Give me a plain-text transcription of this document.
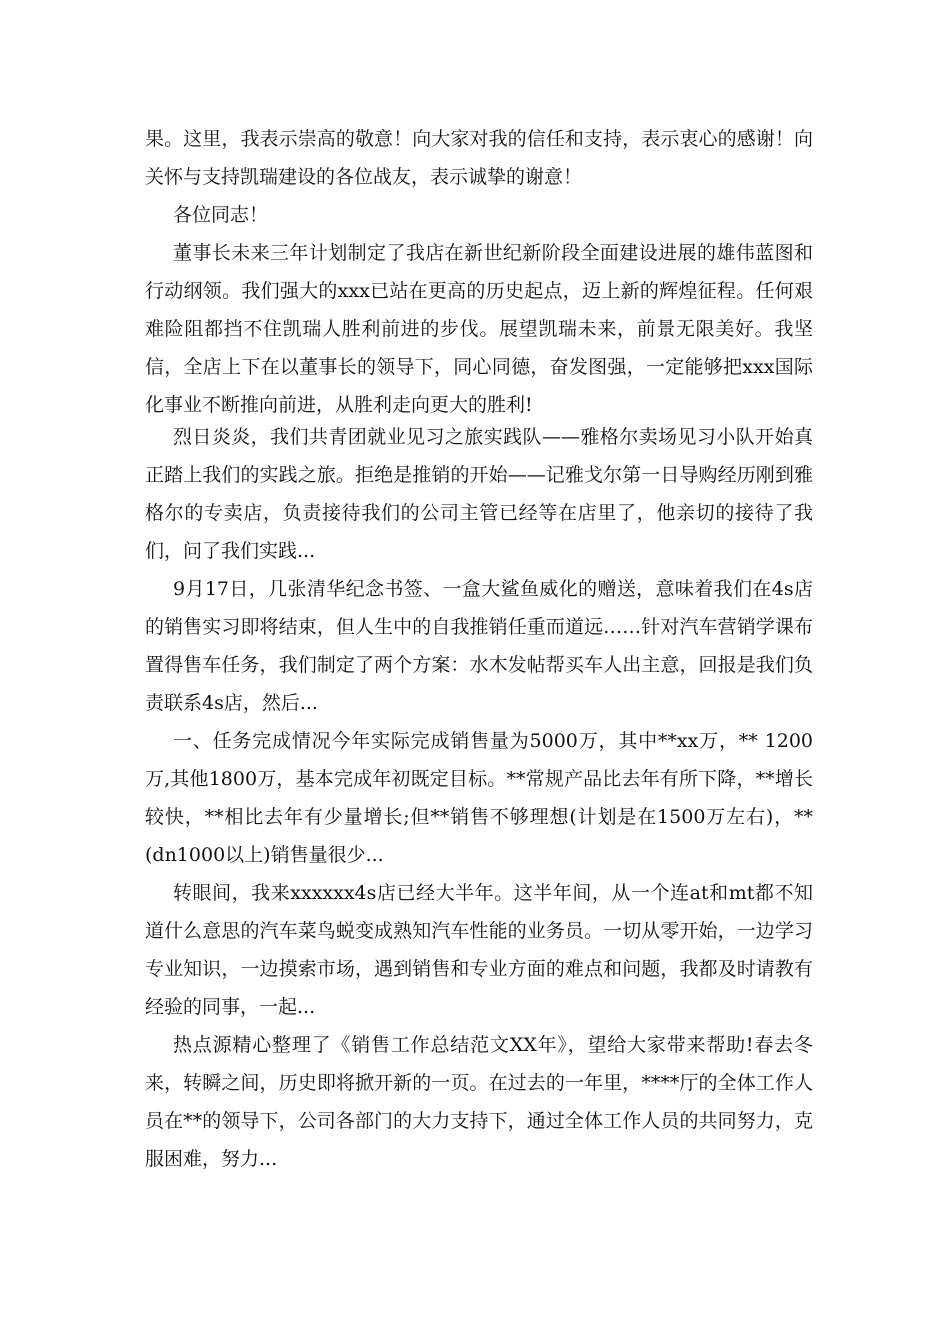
果。这里，我表示崇高的敬意！向大家对我的信任和支持，表示衷心的感谢！向关怀与支持凯瑞建设的各位战友，表示诚挚的谢意！

各位同志！

董事长未来三年计划制定了我店在新世纪新阶段全面建设进展的雄伟蓝图和行动纲领。我们强大的xxx已站在更高的历史起点，迈上新的辉煌征程。任何艰难险阻都挡不住凯瑞人胜利前进的步伐。展望凯瑞未来，前景无限美好。我坚信，全店上下在以董事长的领导下，同心同德，奋发图强，一定能够把xxx国际化事业不断推向前进，从胜利走向更大的胜利!

烈日炎炎，我们共青团就业见习之旅实践队——雅格尔卖场见习小队开始真正踏上我们的实践之旅。拒绝是推销的开始——记雅戈尔第一日导购经历刚到雅格尔的专卖店，负责接待我们的公司主管已经等在店里了，他亲切的接待了我们，问了我们实践...

9月17日，几张清华纪念书签、一盒大鲨鱼威化的赠送，意味着我们在4s店的销售实习即将结束，但人生中的自我推销任重而道远……针对汽车营销学课布置得售车任务，我们制定了两个方案：水木发帖帮买车人出主意，回报是我们负责联系4s店，然后...

一、任务完成情况今年实际完成销售量为5000万，其中**xx万，** 1200万,其他1800万，基本完成年初既定目标。**常规产品比去年有所下降，**增长较快，**相比去年有少量增长;但**销售不够理想(计划是在1500万左右)，**(dn1000以上)销售量很少...

转眼间，我来xxxxxx4s店已经大半年。这半年间，从一个连at和mt都不知道什么意思的汽车菜鸟蜕变成熟知汽车性能的业务员。一切从零开始，一边学习专业知识，一边摸索市场，遇到销售和专业方面的难点和问题，我都及时请教有经验的同事，一起...

热点源精心整理了《销售工作总结范文XX年》，望给大家带来帮助!春去冬来，转瞬之间，历史即将掀开新的一页。在过去的一年里，****厅的全体工作人员在**的领导下，公司各部门的大力支持下，通过全体工作人员的共同努力，克服困难，努力...
